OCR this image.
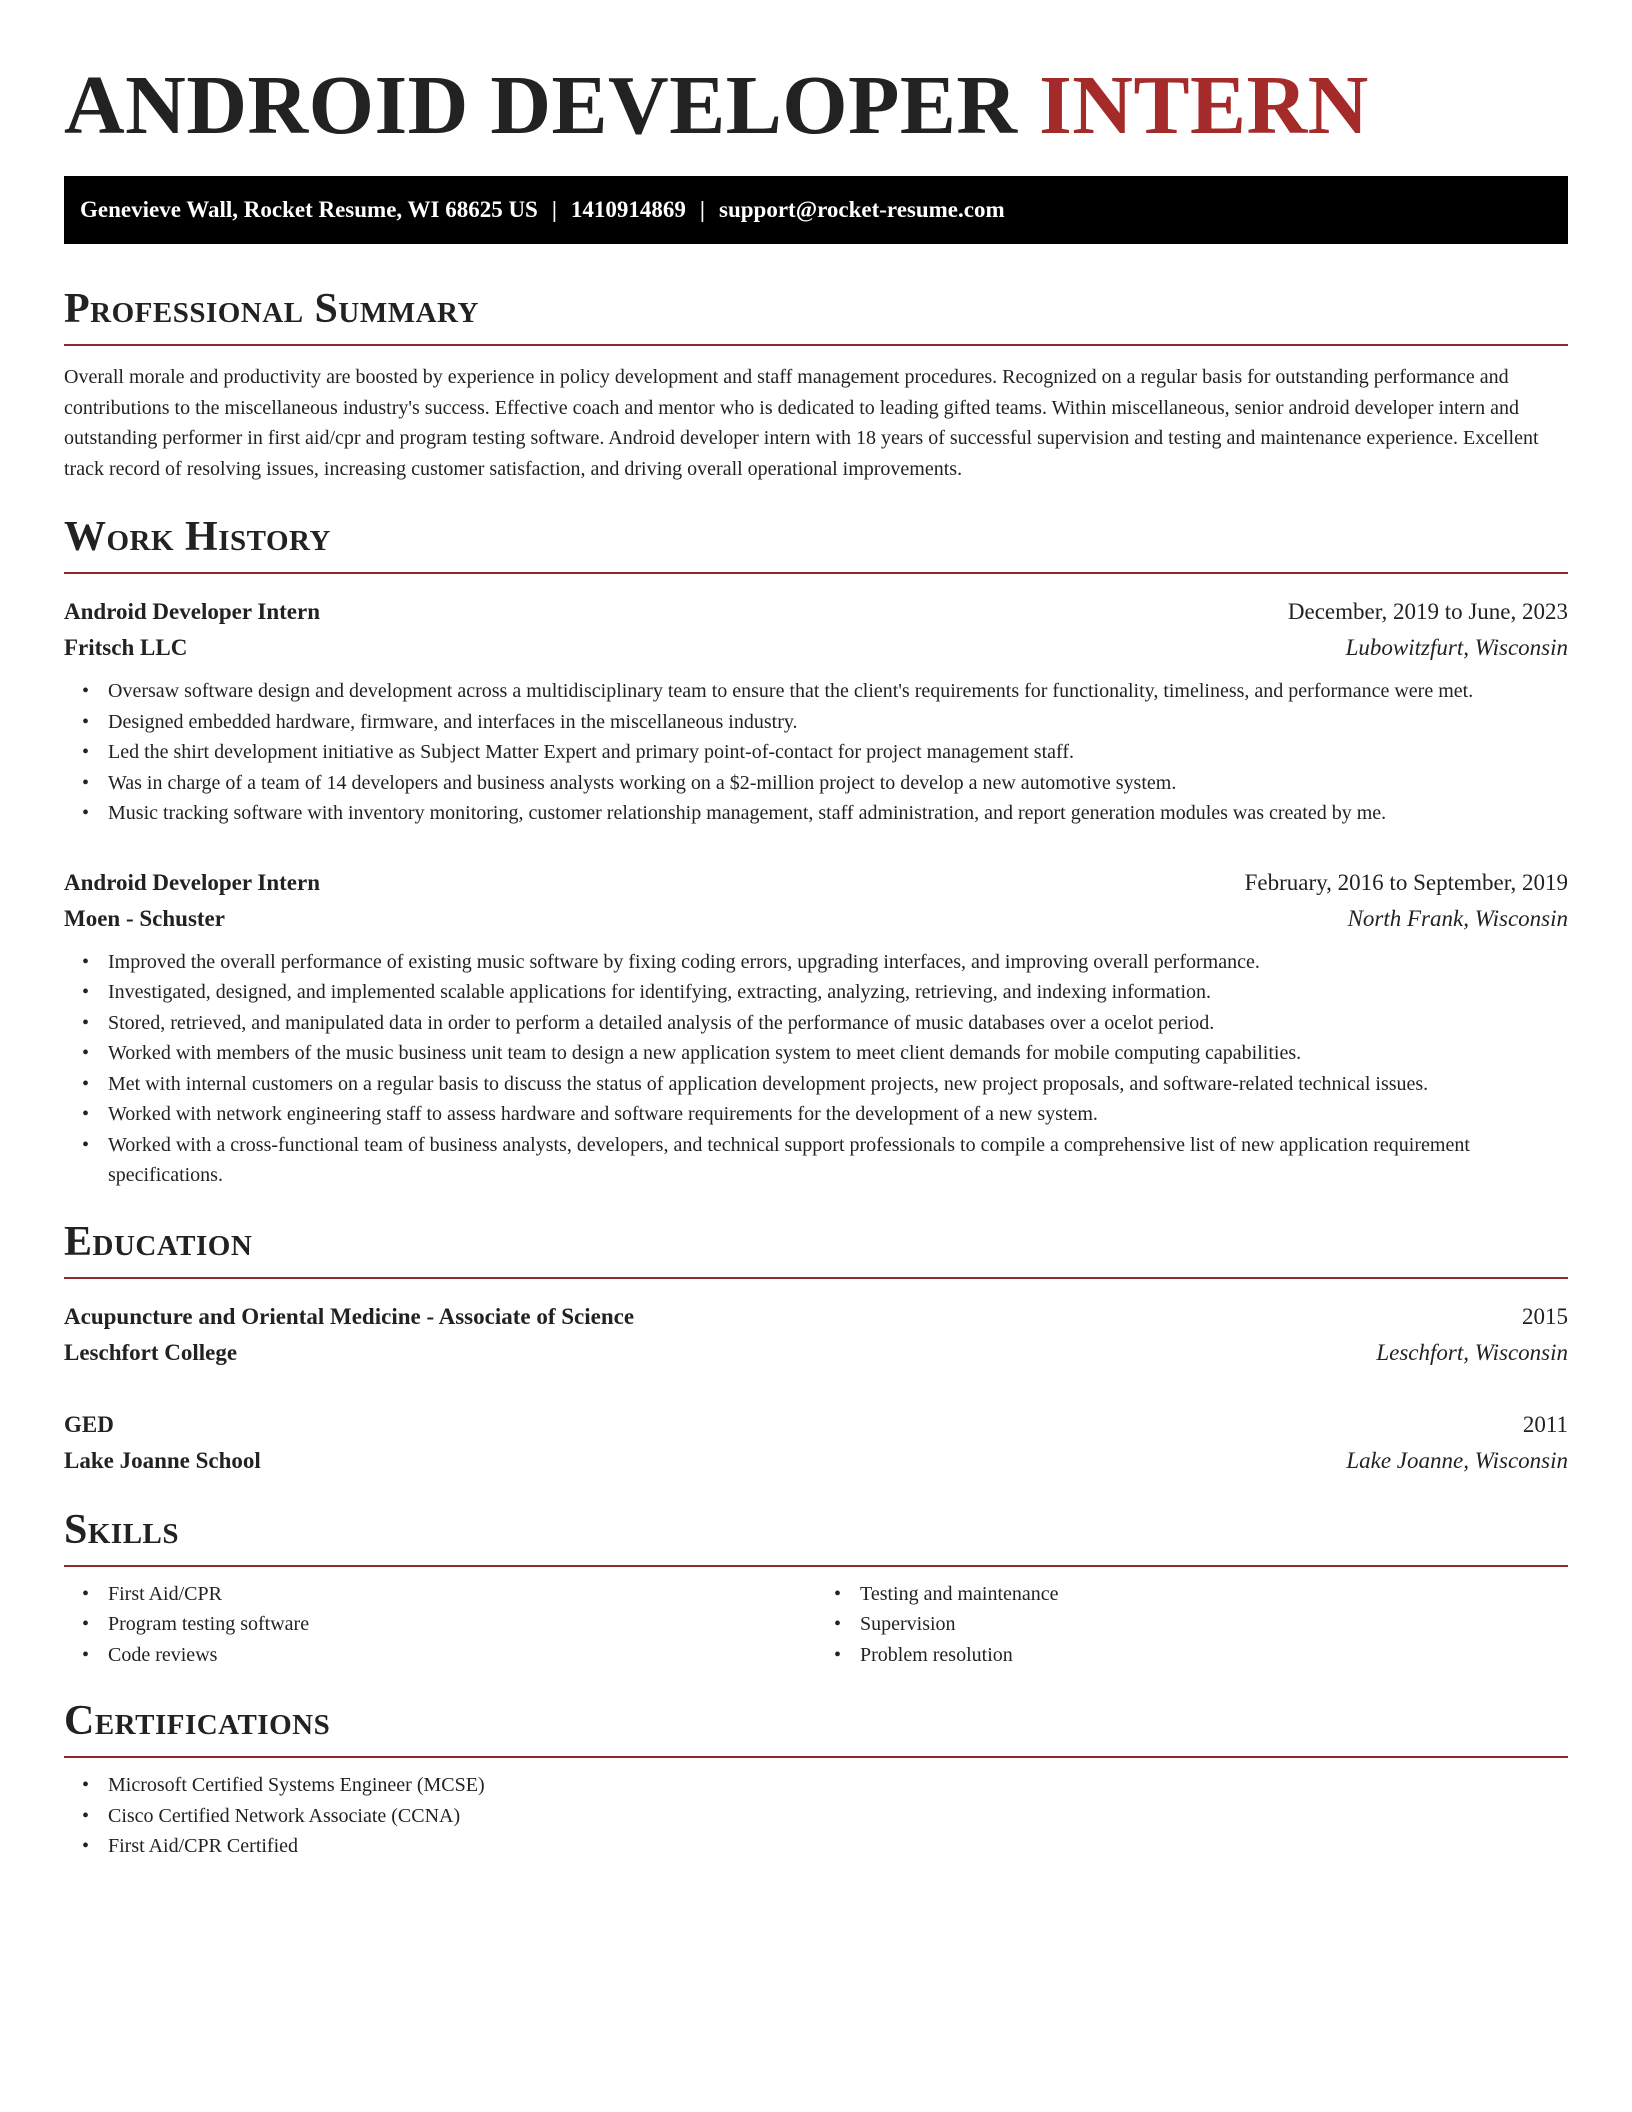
ANDROID DEVELOPER INTERN
Genevieve Wall, Rocket Resume, WI 68625 US | 1410914869 | support@rocket-resume.com
Professional Summary

Overall morale and productivity are boosted by experience in policy development and staff management procedures. Recognized on a regular basis for outstanding performance and contributions to the miscellaneous industry's success. Effective coach and mentor who is dedicated to leading gifted teams. Within miscellaneous, senior android developer intern and outstanding performer in first aid/cpr and program testing software. Android developer intern with 18 years of successful supervision and testing and maintenance experience. Excellent track record of resolving issues, increasing customer satisfaction, and driving overall operational improvements.

Work History
Android Developer Intern	December, 2019 to June, 2023
Fritsch LLC	Lubowitzfurt, Wisconsin
• Oversaw software design and development across a multidisciplinary team to ensure that the client's requirements for functionality, timeliness, and performance were met.
• Designed embedded hardware, firmware, and interfaces in the miscellaneous industry.
• Led the shirt development initiative as Subject Matter Expert and primary point-of-contact for project management staff.
• Was in charge of a team of 14 developers and business analysts working on a $2-million project to develop a new automotive system.
• Music tracking software with inventory monitoring, customer relationship management, staff administration, and report generation modules was created by me.
Android Developer Intern	February, 2016 to September, 2019
Moen - Schuster	North Frank, Wisconsin
• Improved the overall performance of existing music software by fixing coding errors, upgrading interfaces, and improving overall performance.
• Investigated, designed, and implemented scalable applications for identifying, extracting, analyzing, retrieving, and indexing information.
• Stored, retrieved, and manipulated data in order to perform a detailed analysis of the performance of music databases over a ocelot period.
• Worked with members of the music business unit team to design a new application system to meet client demands for mobile computing capabilities.
• Met with internal customers on a regular basis to discuss the status of application development projects, new project proposals, and software-related technical issues.
• Worked with network engineering staff to assess hardware and software requirements for the development of a new system.
• Worked with a cross-functional team of business analysts, developers, and technical support professionals to compile a comprehensive list of new application requirement specifications.
Education
Acupuncture and Oriental Medicine - Associate of Science	2015
Leschfort College	Leschfort, Wisconsin
GED	2011
Lake Joanne School	Lake Joanne, Wisconsin
Skills
• First Aid/CPR
• Program testing software
• Code reviews
• Testing and maintenance
• Supervision
• Problem resolution
Certifications
• Microsoft Certified Systems Engineer (MCSE)
• Cisco Certified Network Associate (CCNA)
• First Aid/CPR Certified
